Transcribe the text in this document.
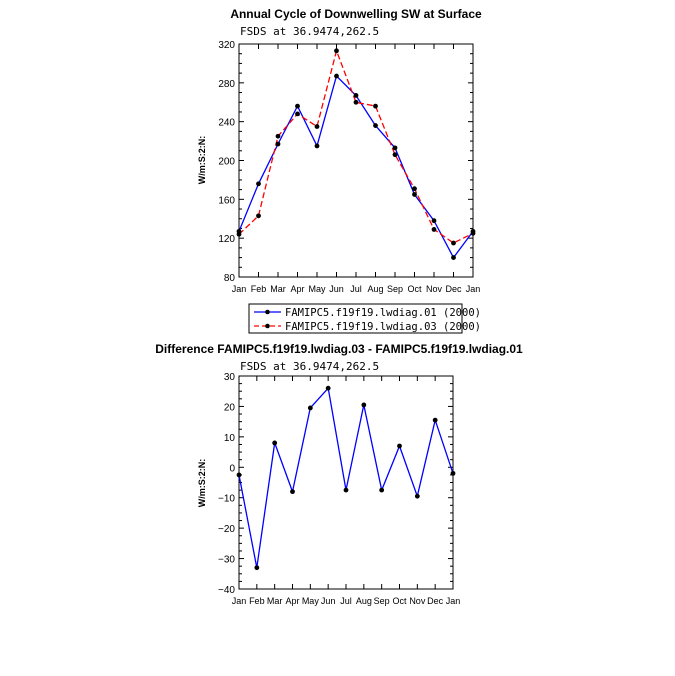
Annual Cycle of Downwelling SW at Surface
FSDS at 36.9474,262.5
W/m:S:2:N:
80
120
160
200
240
280
320
Jan Feb Mar Apr May Jun Jul Aug Sep Oct Nov Dec Jan
FAMIPC5.f19f19.lwdiag.01 (2000)
FAMIPC5.f19f19.lwdiag.03 (2000)
Difference FAMIPC5.f19f19.lwdiag.03 - FAMIPC5.f19f19.lwdiag.01
FSDS at 36.9474,262.5
W/m:S:2:N:
−40
−30
−20
−10
0
10
20
30
Jan Feb Mar Apr May Jun Jul Aug Sep Oct Nov Dec Jan
